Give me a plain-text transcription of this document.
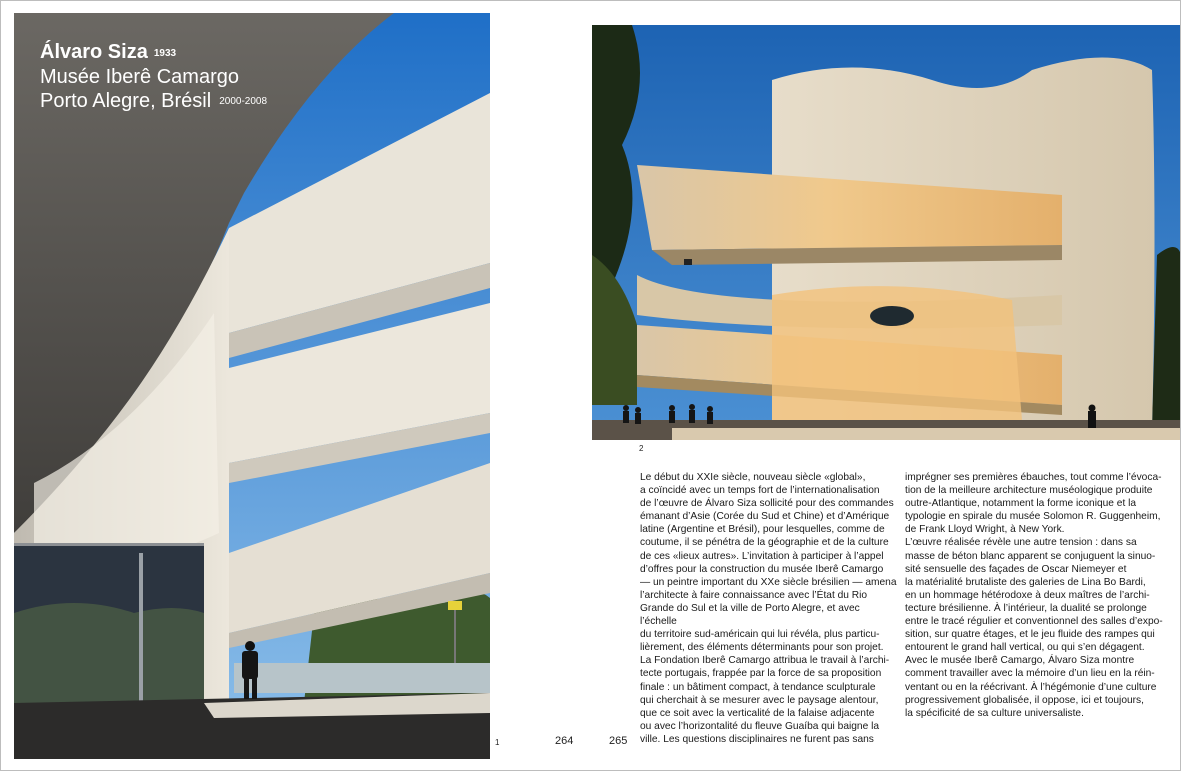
Álvaro Siza 1933
Musée Iberê Camargo
Porto Alegre, Brésil 2000-2008
1
2
264	265

Le début du XXIe siècle, nouveau siècle «global»,

a coïncidé avec un temps fort de l’internationalisation

de l’œuvre de Álvaro Siza sollicité pour des commandes

émanant d’Asie (Corée du Sud et Chine) et d’Amérique

latine (Argentine et Brésil), pour lesquelles, comme de

coutume, il se pénétra de la géographie et de la culture

de ces «lieux autres». L’invitation à participer à l’appel

d’offres pour la construction du musée Iberê Camargo

— un peintre important du XXe siècle brésilien — amena

l’architecte à faire connaissance avec l’État du Rio

Grande do Sul et la ville de Porto Alegre, et avec l’échelle

du territoire sud-américain qui lui révéla, plus particu-

lièrement, des éléments déterminants pour son projet.

La Fondation Iberê Camargo attribua le travail à l’archi-

tecte portugais, frappée par la force de sa proposition

finale : un bâtiment compact, à tendance sculpturale

qui cherchait à se mesurer avec le paysage alentour,

que ce soit avec la verticalité de la falaise adjacente

ou avec l’horizontalité du fleuve Guaíba qui baigne la

ville. Les questions disciplinaires ne furent pas sans

imprégner ses premières ébauches, tout comme l’évoca-

tion de la meilleure architecture muséologique produite

outre-Atlantique, notamment la forme iconique et la

typologie en spirale du musée Solomon R. Guggenheim,

de Frank Lloyd Wright, à New York.

L’œuvre réalisée révèle une autre tension : dans sa

masse de béton blanc apparent se conjuguent la sinuo-

sité sensuelle des façades de Oscar Niemeyer et

la matérialité brutaliste des galeries de Lina Bo Bardi,

en un hommage hétérodoxe à deux maîtres de l’archi-

tecture brésilienne. À l’intérieur, la dualité se prolonge

entre le tracé régulier et conventionnel des salles d’expo-

sition, sur quatre étages, et le jeu fluide des rampes qui

entourent le grand hall vertical, ou qui s’en dégagent.

Avec le musée Iberê Camargo, Álvaro Siza montre

comment travailler avec la mémoire d’un lieu en la réin-

ventant ou en la réécrivant. À l’hégémonie d’une culture

progressivement globalisée, il oppose, ici et toujours,

la spécificité de sa culture universaliste.
